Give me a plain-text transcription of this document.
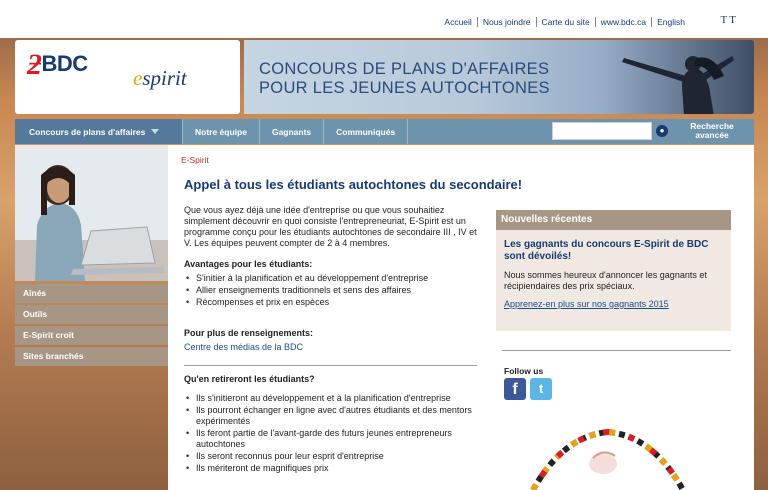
Accueil	Nous joindre	Carte du site	www.bdc.ca	English	TT
ƻBDC
espirit	CONCOURS DE PLANS D'AFFAIRES
POUR LES JEUNES AUTOCHTONES
Concours de plans d'affaires	Notre équipe	Gagnants	Communiqués	●	Recherche
avancée
Aînés
Outils
E-Spirit croît
Sites branchés
E-Spirit
Appel à tous les étudiants autochtones du secondaire!
Que vous ayez déjà une idée d'entreprise ou que vous souhaitiez simplement découvrir en quoi consiste l'entrepreneuriat, E-Spirit est un programme conçu pour les étudiants autochtones de secondaire III , IV et V. Les équipes peuvent compter de 2 à 4 membres.
Avantages pour les étudiants:
• S'initier à la planification et au développement d'entreprise
• Allier enseignements traditionnels et sens des affaires
• Récompenses et prix en espèces
Pour plus de renseignements:
Centre des médias de la BDC
Qu'en retireront les étudiants?
• Ils s'initieront au développement et à la planification d'entreprise
• Ils pourront échanger en ligne avec d'autres étudiants et des mentors expérimentés
• Ils feront partie de l'avant-garde des futurs jeunes entrepreneurs autochtones
• Ils seront reconnus pour leur esprit d'entreprise
• Ils mériteront de magnifiques prix
Nouvelles récentes
Les gagnants du concours E-Spirit de BDC sont dévoilés!
Nous sommes heureux d'annoncer les gagnants et récipiendaires des prix spéciaux.
Apprenez-en plus sur nos gagnants 2015
Follow us
f	t
